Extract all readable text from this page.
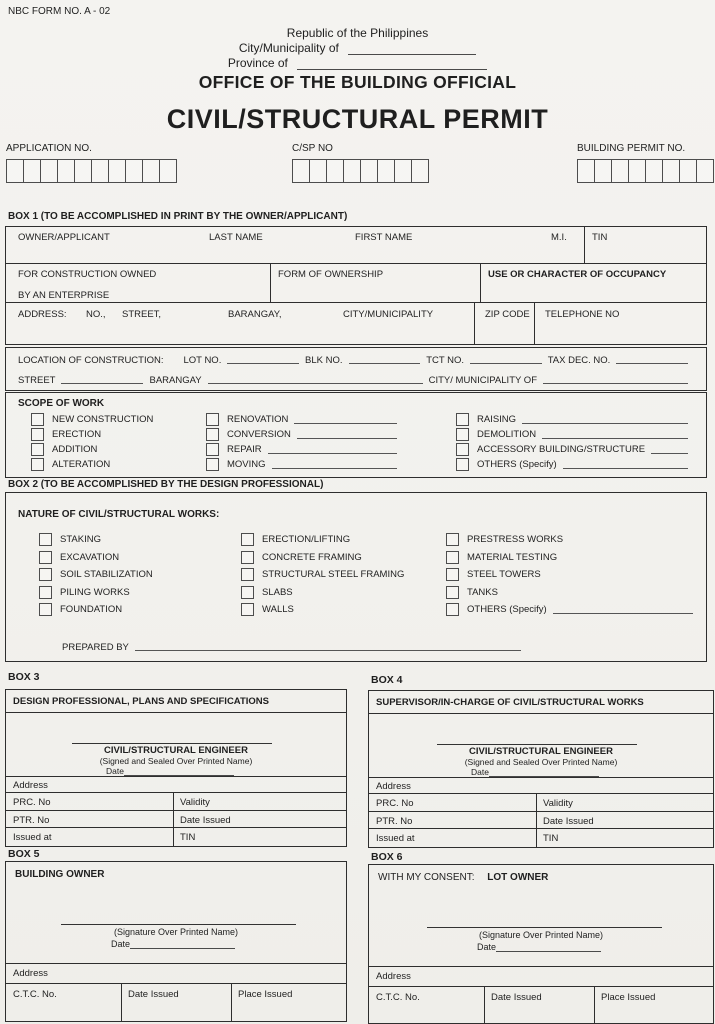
NBC FORM NO. A - 02
Republic of the Philippines
City/Municipality of
Province of
OFFICE OF THE BUILDING OFFICIAL
CIVIL/STRUCTURAL PERMIT
APPLICATION NO.	C/SP NO	BUILDING PERMIT NO.
BOX 1 (TO BE ACCOMPLISHED IN PRINT BY THE OWNER/APPLICANT)
OWNER/APPLICANT	LAST NAME	FIRST NAME	M.I.	TIN
FOR CONSTRUCTION OWNED
BY AN ENTERPRISE
FORM OF OWNERSHIP	USE OR CHARACTER OF OCCUPANCY
ADDRESS: NO., STREET,	BARANGAY,	CITY/MUNICIPALITY	ZIP CODE TELEPHONE NO
LOCATION OF CONSTRUCTION: LOT NO.	BLK NO.	TCT NO.	TAX DEC. NO.
STREET	BARANGAY	CITY/ MUNICIPALITY OF
SCOPE OF WORK
NEW CONSTRUCTION
ERECTION
ADDITION
ALTERATION
RENOVATION
CONVERSION
REPAIR
MOVING
RAISING
DEMOLITION
ACCESSORY BUILDING/STRUCTURE
OTHERS (Specify)
BOX 2 (TO BE ACCOMPLISHED BY THE DESIGN PROFESSIONAL)
NATURE OF CIVIL/STRUCTURAL WORKS:
STAKING
EXCAVATION
SOIL STABILIZATION
PILING WORKS
FOUNDATION
ERECTION/LIFTING
CONCRETE FRAMING
STRUCTURAL STEEL FRAMING
SLABS
WALLS
PRESTRESS WORKS
MATERIAL TESTING
STEEL TOWERS
TANKS
OTHERS (Specify)
PREPARED BY
BOX 3
DESIGN PROFESSIONAL, PLANS AND SPECIFICATIONS
CIVIL/STRUCTURAL ENGINEER
(Signed and Sealed Over Printed Name)
Date
Address
PRC. No	Validity
PTR. No	Date Issued
Issued at	TIN
BOX 4
SUPERVISOR/IN-CHARGE OF CIVIL/STRUCTURAL WORKS
CIVIL/STRUCTURAL ENGINEER
(Signed and Sealed Over Printed Name)
Date
Address
PRC. No	Validity
PTR. No	Date Issued
Issued at	TIN
BOX 5
BUILDING OWNER
(Signature Over Printed Name)
Date
Address
C.T.C. No.	Date Issued	Place Issued
BOX 6
WITH MY CONSENT: LOT OWNER
(Signature Over Printed Name)
Date
Address
C.T.C. No.	Date Issued	Place Issued
